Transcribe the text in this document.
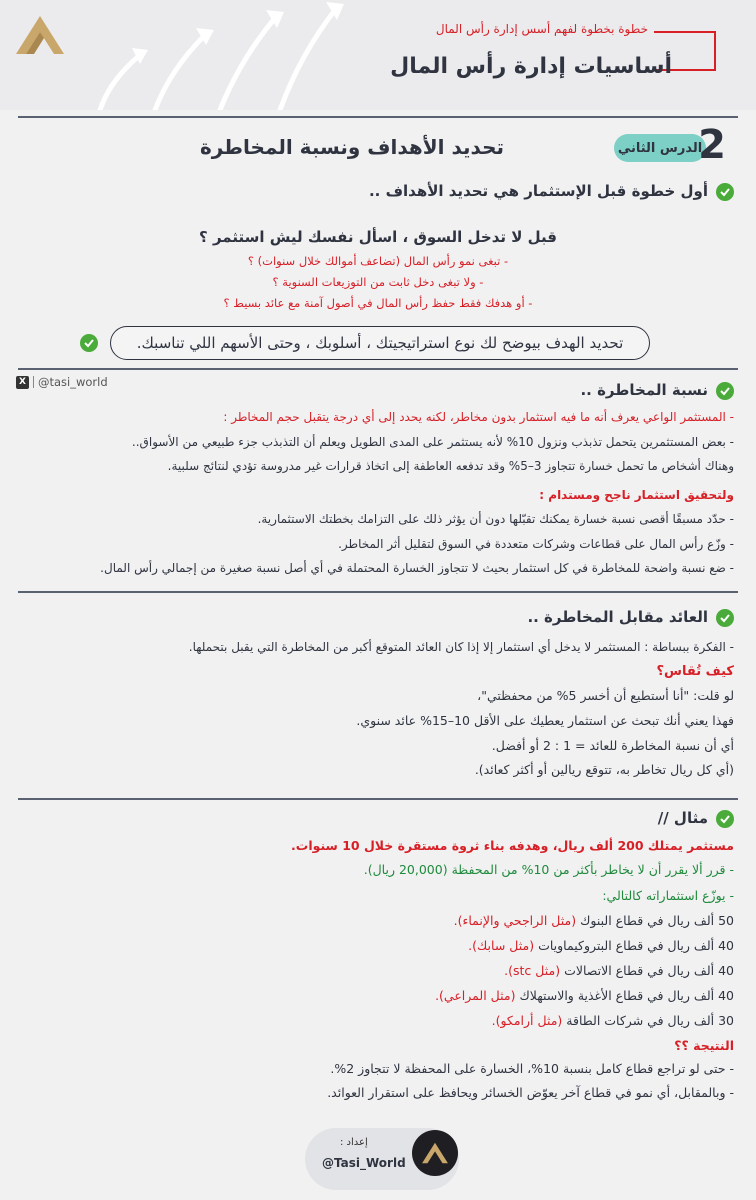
خطوة بخطوة لفهم أسس إدارة رأس المال
أساسيات إدارة رأس المال
الدرس الثاني
2
تحديد الأهداف ونسبة المخاطرة
أول خطوة قبل الإستثمار هي تحديد الأهداف ..
قبل لا تدخل السوق ، اسأل نفسك ليش استثمر ؟
- تبغى نمو رأس المال (تضاعف أموالك خلال سنوات) ؟
- ولا تبغى دخل ثابت من التوزيعات السنوية ؟
- أو هدفك فقط حفظ رأس المال في أصول آمنة مع عائد بسيط ؟
تحديد الهدف بيوضح لك نوع استراتيجيتك ، أسلوبك ، وحتى الأسهم اللي تناسبك.
X @tasi_world	نسبة المخاطرة ..
- المستثمر الواعي يعرف أنه ما فيه استثمار بدون مخاطر، لكنه يحدد إلى أي درجة يتقبل حجم المخاطر :
- بعض المستثمرين يتحمل تذبذب ونزول 10% لأنه يستثمر على المدى الطويل ويعلم أن التذبذب جزء طبيعي من الأسواق..
وهناك أشخاص ما تحمل خسارة تتجاوز 3–5% وقد تدفعه العاطفة إلى اتخاذ قرارات غير مدروسة تؤدي لنتائج سلبية.
ولتحقيق استثمار ناجح ومستدام :
- حدّد مسبقًا أقصى نسبة خسارة يمكنك تقبّلها دون أن يؤثر ذلك على التزامك بخطتك الاستثمارية.
- وزّع رأس المال على قطاعات وشركات متعددة في السوق لتقليل أثر المخاطر.
- ضع نسبة واضحة للمخاطرة في كل استثمار بحيث لا تتجاوز الخسارة المحتملة في أي أصل نسبة صغيرة من إجمالي رأس المال.
العائد مقابل المخاطرة ..
- الفكرة ببساطة : المستثمر لا يدخل أي استثمار إلا إذا كان العائد المتوقع أكبر من المخاطرة التي يقبل بتحملها.
كيف تُقاس؟
لو قلت: "أنا أستطيع أن أخسر 5% من محفظتي"،
فهذا يعني أنك تبحث عن استثمار يعطيك على الأقل 10–15% عائد سنوي.
أي أن نسبة المخاطرة للعائد = 1 : 2 أو أفضل.
(أي كل ريال تخاطر به، تتوقع ريالين أو أكثر كعائد).
مثال //
مستثمر يمتلك 200 ألف ريال، وهدفه بناء ثروة مستقرة خلال 10 سنوات.
- قرر ألا يقرر أن لا يخاطر بأكثر من 10% من المحفظة (20,000 ريال).
- يوزّع استثماراته كالتالي:
50 ألف ريال في قطاع البنوك (مثل الراجحي والإنماء).
40 ألف ريال في قطاع البتروكيماويات (مثل سابك).
40 ألف ريال في قطاع الاتصالات (مثل stc).
40 ألف ريال في قطاع الأغذية والاستهلاك (مثل المراعي).
30 ألف ريال في شركات الطاقة (مثل أرامكو).
النتيجة ؟؟
- حتى لو تراجع قطاع كامل بنسبة 10%، الخسارة على المحفظة لا تتجاوز 2%.
- وبالمقابل، أي نمو في قطاع آخر يعوّض الخسائر ويحافظ على استقرار العوائد.
إعداد :
@Tasi_World
